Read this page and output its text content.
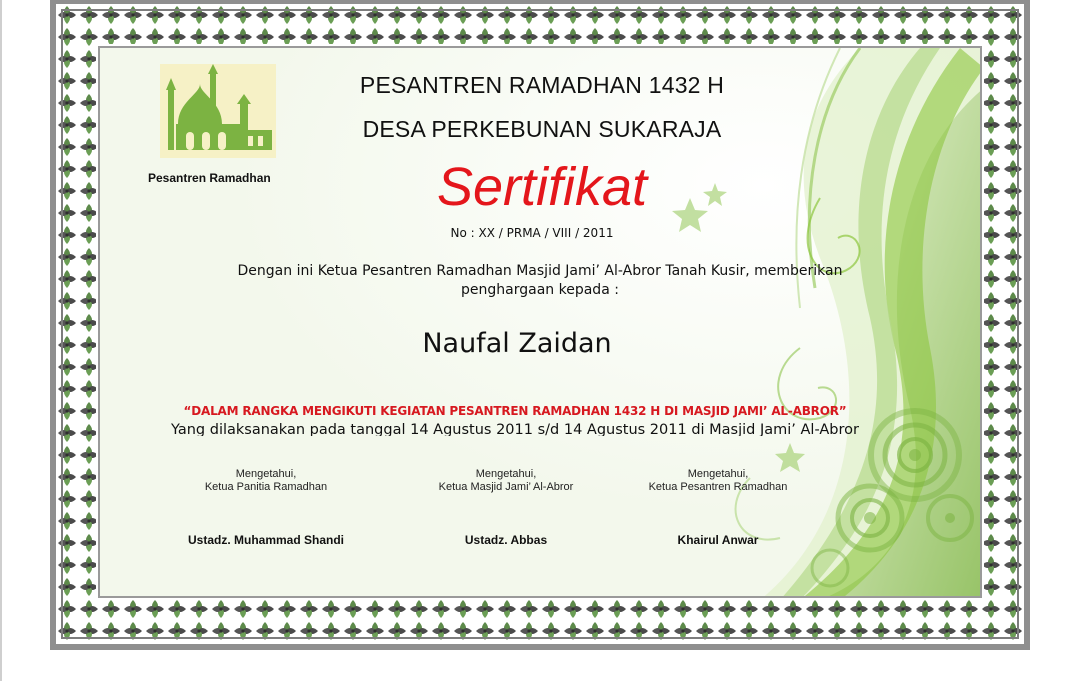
Pesantren Ramadhan
PESANTREN RAMADHAN 1432 H
DESA PERKEBUNAN SUKARAJA
Sertifikat
No : XX / PRMA / VIII / 2011
Dengan ini Ketua Pesantren Ramadhan Masjid Jami’ Al-Abror Tanah Kusir, memberikan
penghargaan kepada :
Naufal Zaidan
“DALAM RANGKA MENGIKUTI KEGIATAN PESANTREN RAMADHAN 1432 H DI MASJID JAMI’ AL-ABROR”
Yang dilaksanakan pada tanggal 14 Agustus 2011 s/d 14 Agustus 2011 di Masjid Jami’ Al-Abror
Mengetahui,
Ketua Panitia Ramadhan
Mengetahui,
Ketua Masjid Jami’ Al-Abror
Mengetahui,
Ketua Pesantren Ramadhan
Ustadz. Muhammad Shandi	Ustadz. Abbas	Khairul Anwar
